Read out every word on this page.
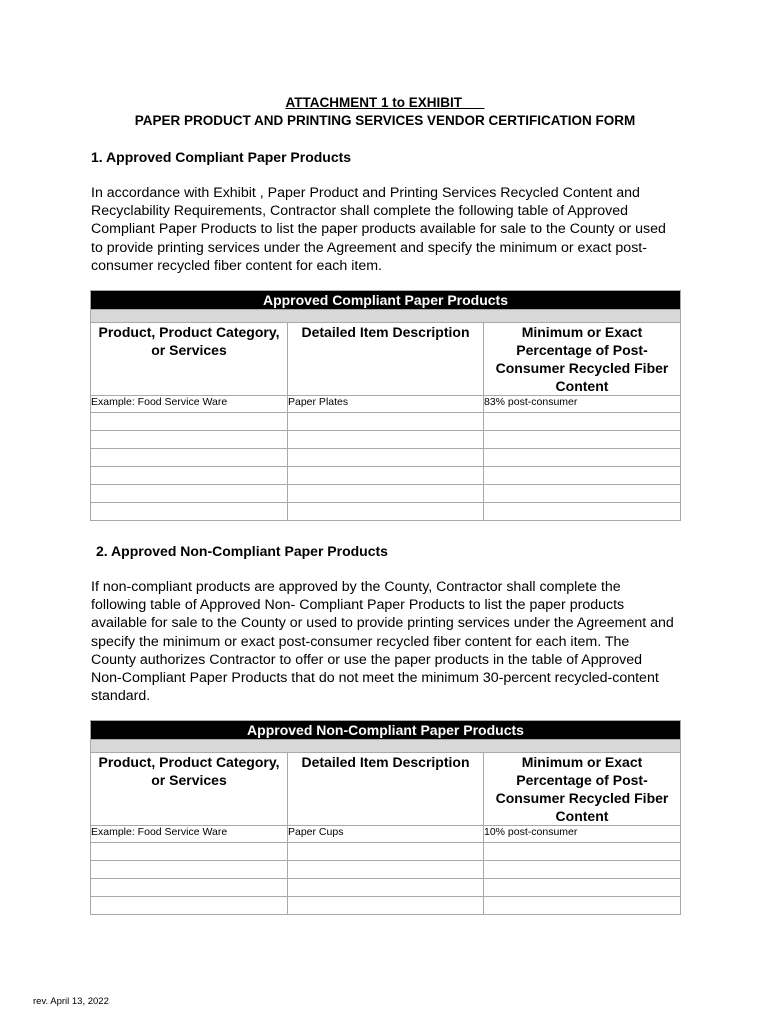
ATTACHMENT 1 to EXHIBIT
PAPER PRODUCT AND PRINTING SERVICES VENDOR CERTIFICATION FORM
1. Approved Compliant Paper Products

In accordance with Exhibit , Paper Product and Printing Services Recycled Content and Recyclability Requirements, Contractor shall complete the following table of Approved Compliant Paper Products to list the paper products available for sale to the County or used to provide printing services under the Agreement and specify the minimum or exact post-consumer recycled fiber content for each item.

Approved Compliant Paper Products		

Product, Product Category, or Services	Detailed Item Description	Minimum or Exact Percentage of Post-Consumer Recycled Fiber Content
Example: Food Service Ware	Paper Plates	83% post-consumer

2. Approved Non-Compliant Paper Products

If non-compliant products are approved by the County, Contractor shall complete the following table of Approved Non- Compliant Paper Products to list the paper products available for sale to the County or used to provide printing services under the Agreement and specify the minimum or exact post-consumer recycled fiber content for each item. The County authorizes Contractor to offer or use the paper products in the table of Approved Non-Compliant Paper Products that do not meet the minimum 30-percent recycled-content standard.

Approved Non-Compliant Paper Products		

Product, Product Category, or Services	Detailed Item Description	Minimum or Exact Percentage of Post-Consumer Recycled Fiber Content
Example: Food Service Ware	Paper Cups	10% post-consumer

rev. April 13, 2022
